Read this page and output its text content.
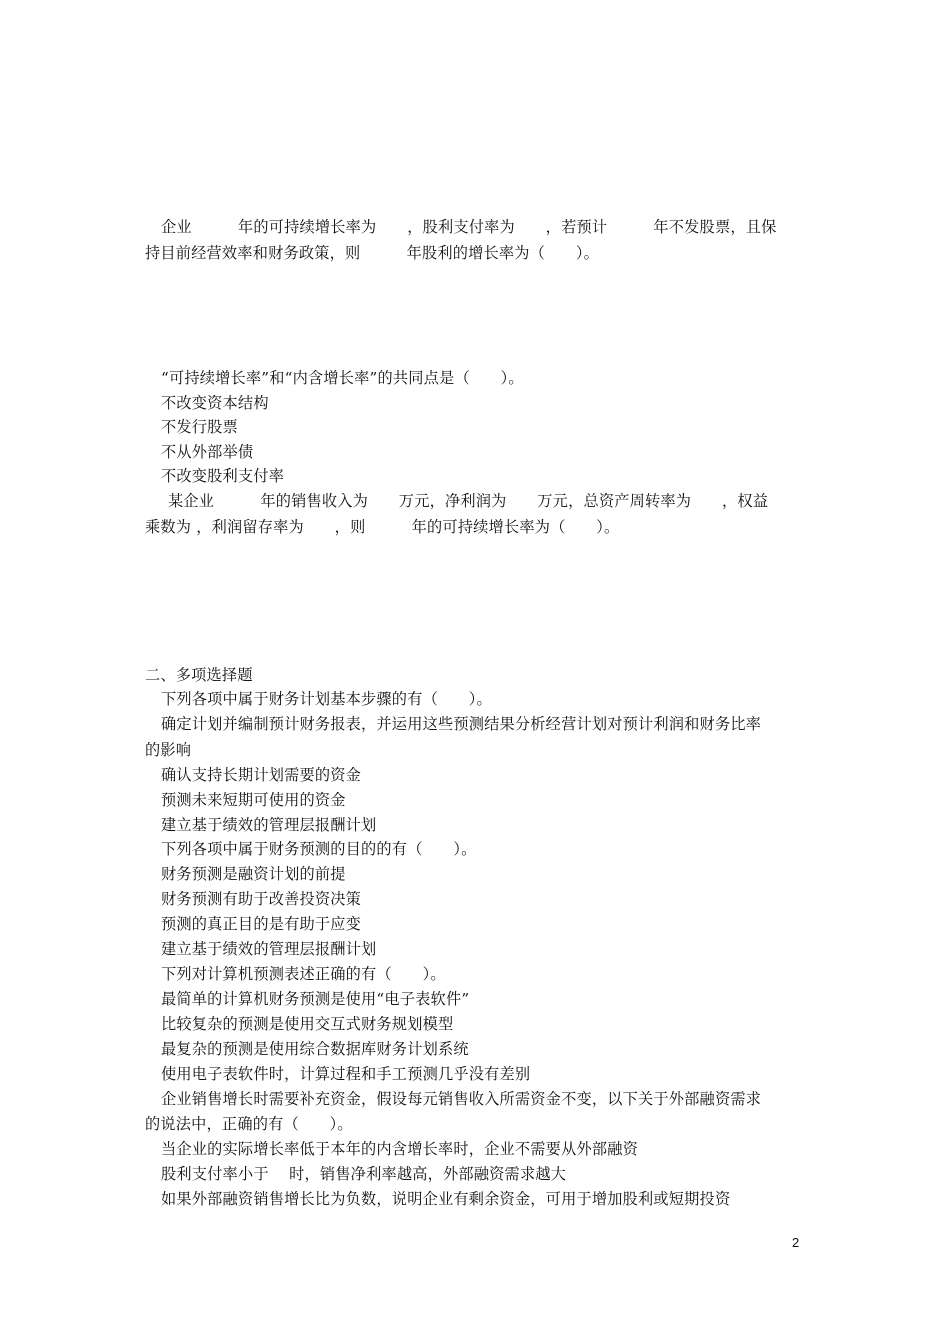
企业　　　年的可持续增长率为　　，股利支付率为　　，若预计　　　年不发股票，且保
持目前经营效率和财务政策，则　　　年股利的增长率为（　　）。
“可持续增长率”和“内含增长率”的共同点是（　　）。
不改变资本结构
不发行股票
不从外部举债
不改变股利支付率
某企业　　　年的销售收入为　　万元，净利润为　　万元，总资产周转率为　　，权益
乘数为 ，利润留存率为　　，则　　　年的可持续增长率为（　　）。
二、多项选择题
下列各项中属于财务计划基本步骤的有（　　）。
确定计划并编制预计财务报表，并运用这些预测结果分析经营计划对预计利润和财务比率
的影响
确认支持长期计划需要的资金
预测未来短期可使用的资金
建立基于绩效的管理层报酬计划
下列各项中属于财务预测的目的的有（　　）。
财务预测是融资计划的前提
财务预测有助于改善投资决策
预测的真正目的是有助于应变
建立基于绩效的管理层报酬计划
下列对计算机预测表述正确的有（　　）。
最简单的计算机财务预测是使用“电子表软件”
比较复杂的预测是使用交互式财务规划模型
最复杂的预测是使用综合数据库财务计划系统
使用电子表软件时，计算过程和手工预测几乎没有差别
企业销售增长时需要补充资金，假设每元销售收入所需资金不变，以下关于外部融资需求
的说法中，正确的有（　　）。
当企业的实际增长率低于本年的内含增长率时，企业不需要从外部融资
股利支付率小于　 时，销售净利率越高，外部融资需求越大
如果外部融资销售增长比为负数，说明企业有剩余资金，可用于增加股利或短期投资
2
